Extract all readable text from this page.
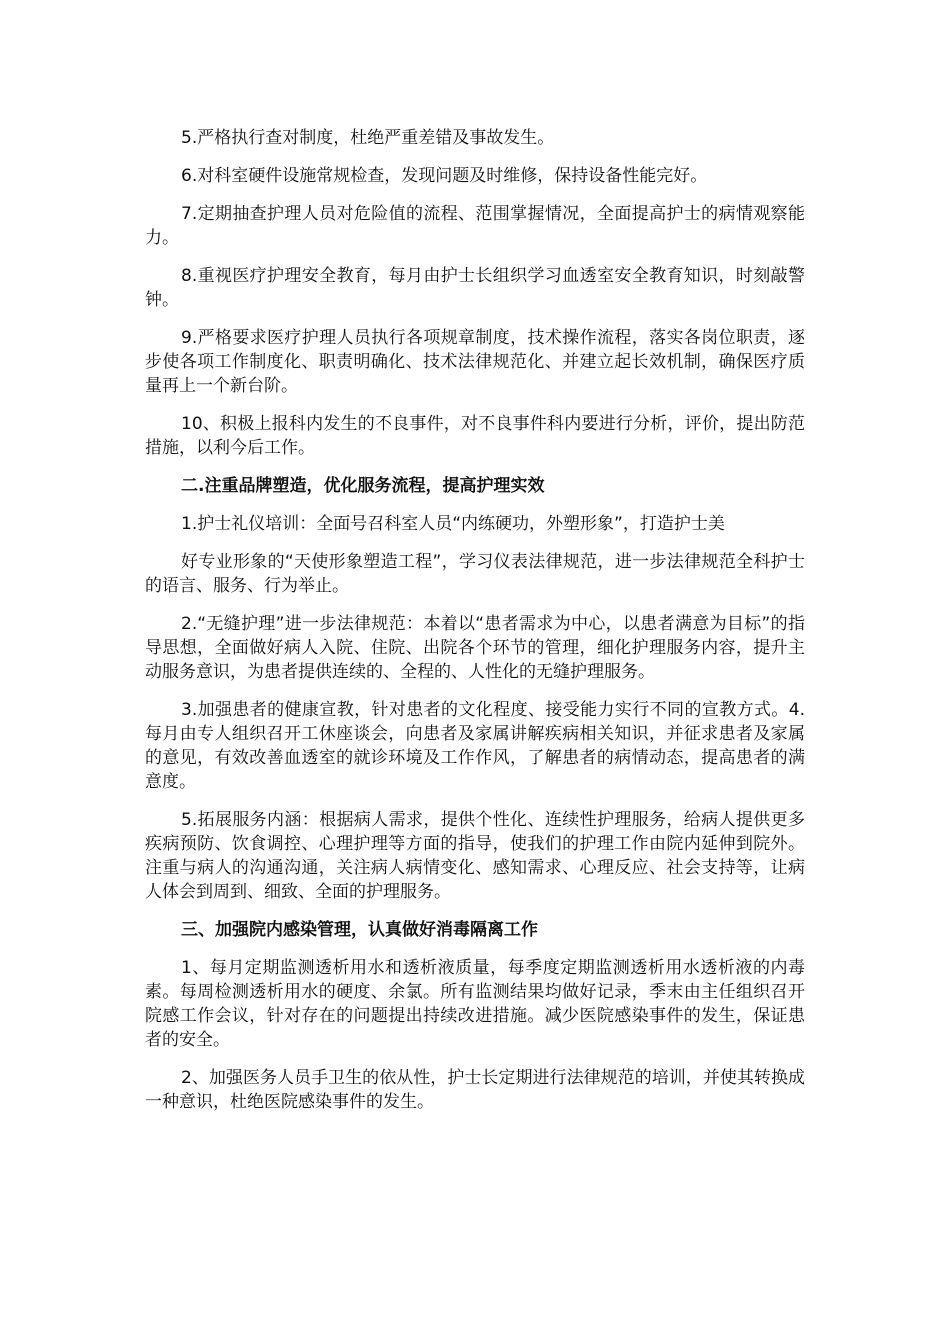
5.严格执行查对制度，杜绝严重差错及事故发生。

6.对科室硬件设施常规检查，发现问题及时维修，保持设备性能完好。

7.定期抽查护理人员对危险值的流程、范围掌握情况，全面提高护士的病情观察能力。

8.重视医疗护理安全教育，每月由护士长组织学习血透室安全教育知识，时刻敲警钟。

9.严格要求医疗护理人员执行各项规章制度，技术操作流程，落实各岗位职责，逐步使各项工作制度化、职责明确化、技术法律规范化、并建立起长效机制，确保医疗质量再上一个新台阶。

10、积极上报科内发生的不良事件，对不良事件科内要进行分析，评价，提出防范措施，以利今后工作。

二.注重品牌塑造，优化服务流程，提高护理实效

1.护士礼仪培训：全面号召科室人员“内练硬功，外塑形象”，打造护士美

好专业形象的“天使形象塑造工程”，学习仪表法律规范，进一步法律规范全科护士的语言、服务、行为举止。

2.“无缝护理”进一步法律规范：本着以“患者需求为中心，以患者满意为目标”的指导思想，全面做好病人入院、住院、出院各个环节的管理，细化护理服务内容，提升主动服务意识，为患者提供连续的、全程的、人性化的无缝护理服务。

3.加强患者的健康宣教，针对患者的文化程度、接受能力实行不同的宣教方式。4.每月由专人组织召开工休座谈会，向患者及家属讲解疾病相关知识，并征求患者及家属的意见，有效改善血透室的就诊环境及工作作风，了解患者的病情动态，提高患者的满意度。

5.拓展服务内涵：根据病人需求，提供个性化、连续性护理服务，给病人提供更多疾病预防、饮食调控、心理护理等方面的指导，使我们的护理工作由院内延伸到院外。注重与病人的沟通沟通，关注病人病情变化、感知需求、心理反应、社会支持等，让病人体会到周到、细致、全面的护理服务。

三、加强院内感染管理，认真做好消毒隔离工作

1、每月定期监测透析用水和透析液质量，每季度定期监测透析用水透析液的内毒素。每周检测透析用水的硬度、余氯。所有监测结果均做好记录，季末由主任组织召开院感工作会议，针对存在的问题提出持续改进措施。减少医院感染事件的发生，保证患者的安全。

2、加强医务人员手卫生的依从性，护士长定期进行法律规范的培训，并使其转换成一种意识，杜绝医院感染事件的发生。
